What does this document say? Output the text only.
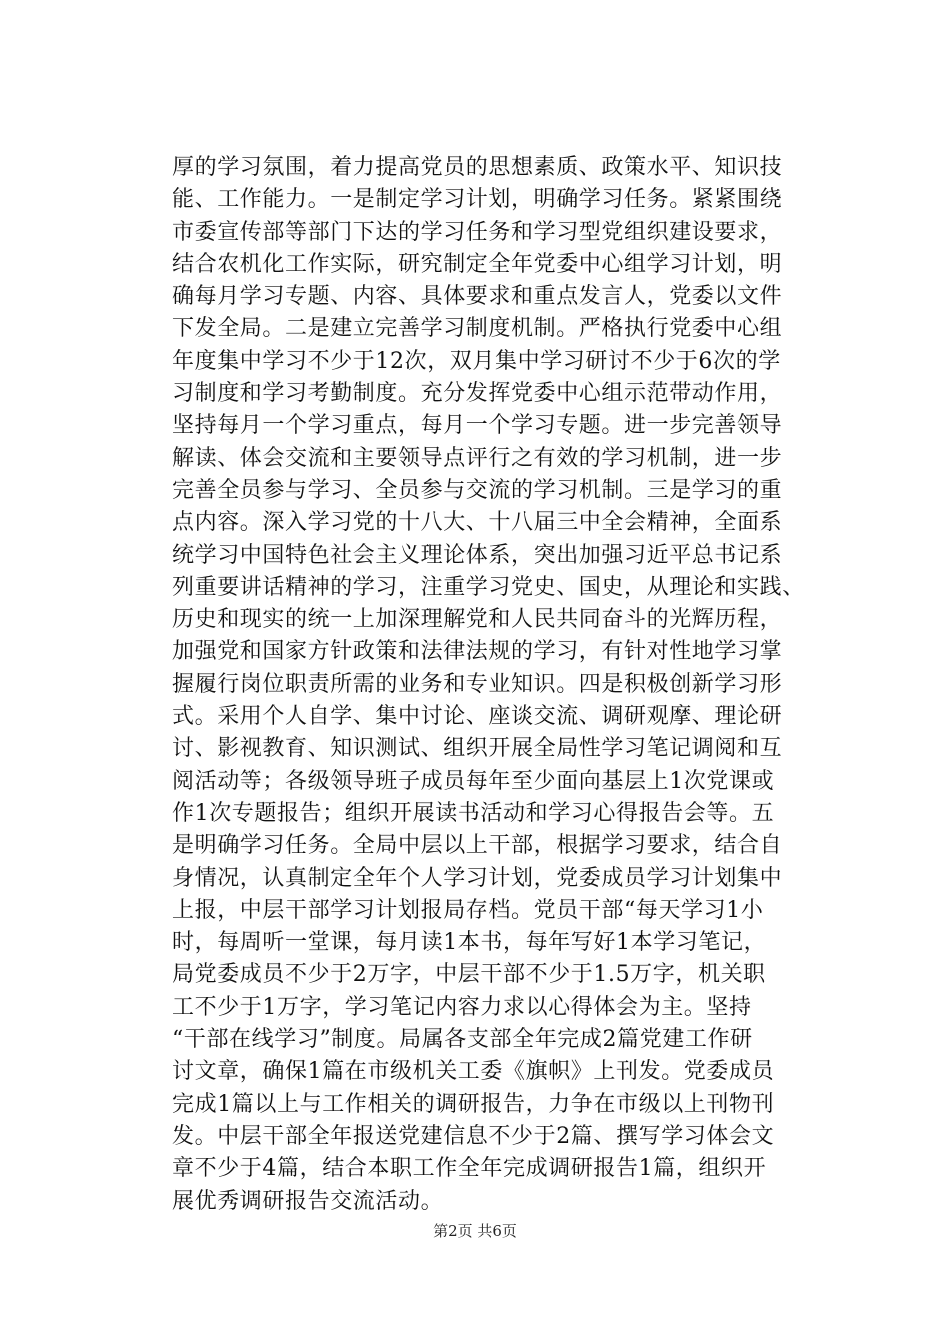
厚的学习氛围，着力提高党员的思想素质、政策水平、知识技
能、工作能力。一是制定学习计划，明确学习任务。紧紧围绕
市委宣传部等部门下达的学习任务和学习型党组织建设要求，
结合农机化工作实际，研究制定全年党委中心组学习计划，明
确每月学习专题、内容、具体要求和重点发言人，党委以文件
下发全局。二是建立完善学习制度机制。严格执行党委中心组
年度集中学习不少于12次，双月集中学习研讨不少于6次的学
习制度和学习考勤制度。充分发挥党委中心组示范带动作用，
坚持每月一个学习重点，每月一个学习专题。进一步完善领导
解读、体会交流和主要领导点评行之有效的学习机制，进一步
完善全员参与学习、全员参与交流的学习机制。三是学习的重
点内容。深入学习党的十八大、十八届三中全会精神，全面系
统学习中国特色社会主义理论体系，突出加强习近平总书记系
列重要讲话精神的学习，注重学习党史、国史，从理论和实践、
历史和现实的统一上加深理解党和人民共同奋斗的光辉历程，
加强党和国家方针政策和法律法规的学习，有针对性地学习掌
握履行岗位职责所需的业务和专业知识。四是积极创新学习形
式。采用个人自学、集中讨论、座谈交流、调研观摩、理论研
讨、影视教育、知识测试、组织开展全局性学习笔记调阅和互
阅活动等；各级领导班子成员每年至少面向基层上1次党课或
作1次专题报告；组织开展读书活动和学习心得报告会等。五
是明确学习任务。全局中层以上干部，根据学习要求，结合自
身情况，认真制定全年个人学习计划，党委成员学习计划集中
上报，中层干部学习计划报局存档。党员干部“每天学习1小
时，每周听一堂课，每月读1本书，每年写好1本学习笔记，
局党委成员不少于2万字，中层干部不少于1.5万字，机关职
工不少于1万字，学习笔记内容力求以心得体会为主。坚持
“干部在线学习”制度。局属各支部全年完成2篇党建工作研
讨文章，确保1篇在市级机关工委《旗帜》上刊发。党委成员
完成1篇以上与工作相关的调研报告，力争在市级以上刊物刊
发。中层干部全年报送党建信息不少于2篇、撰写学习体会文
章不少于4篇，结合本职工作全年完成调研报告1篇，组织开
展优秀调研报告交流活动。
第2页 共6页
